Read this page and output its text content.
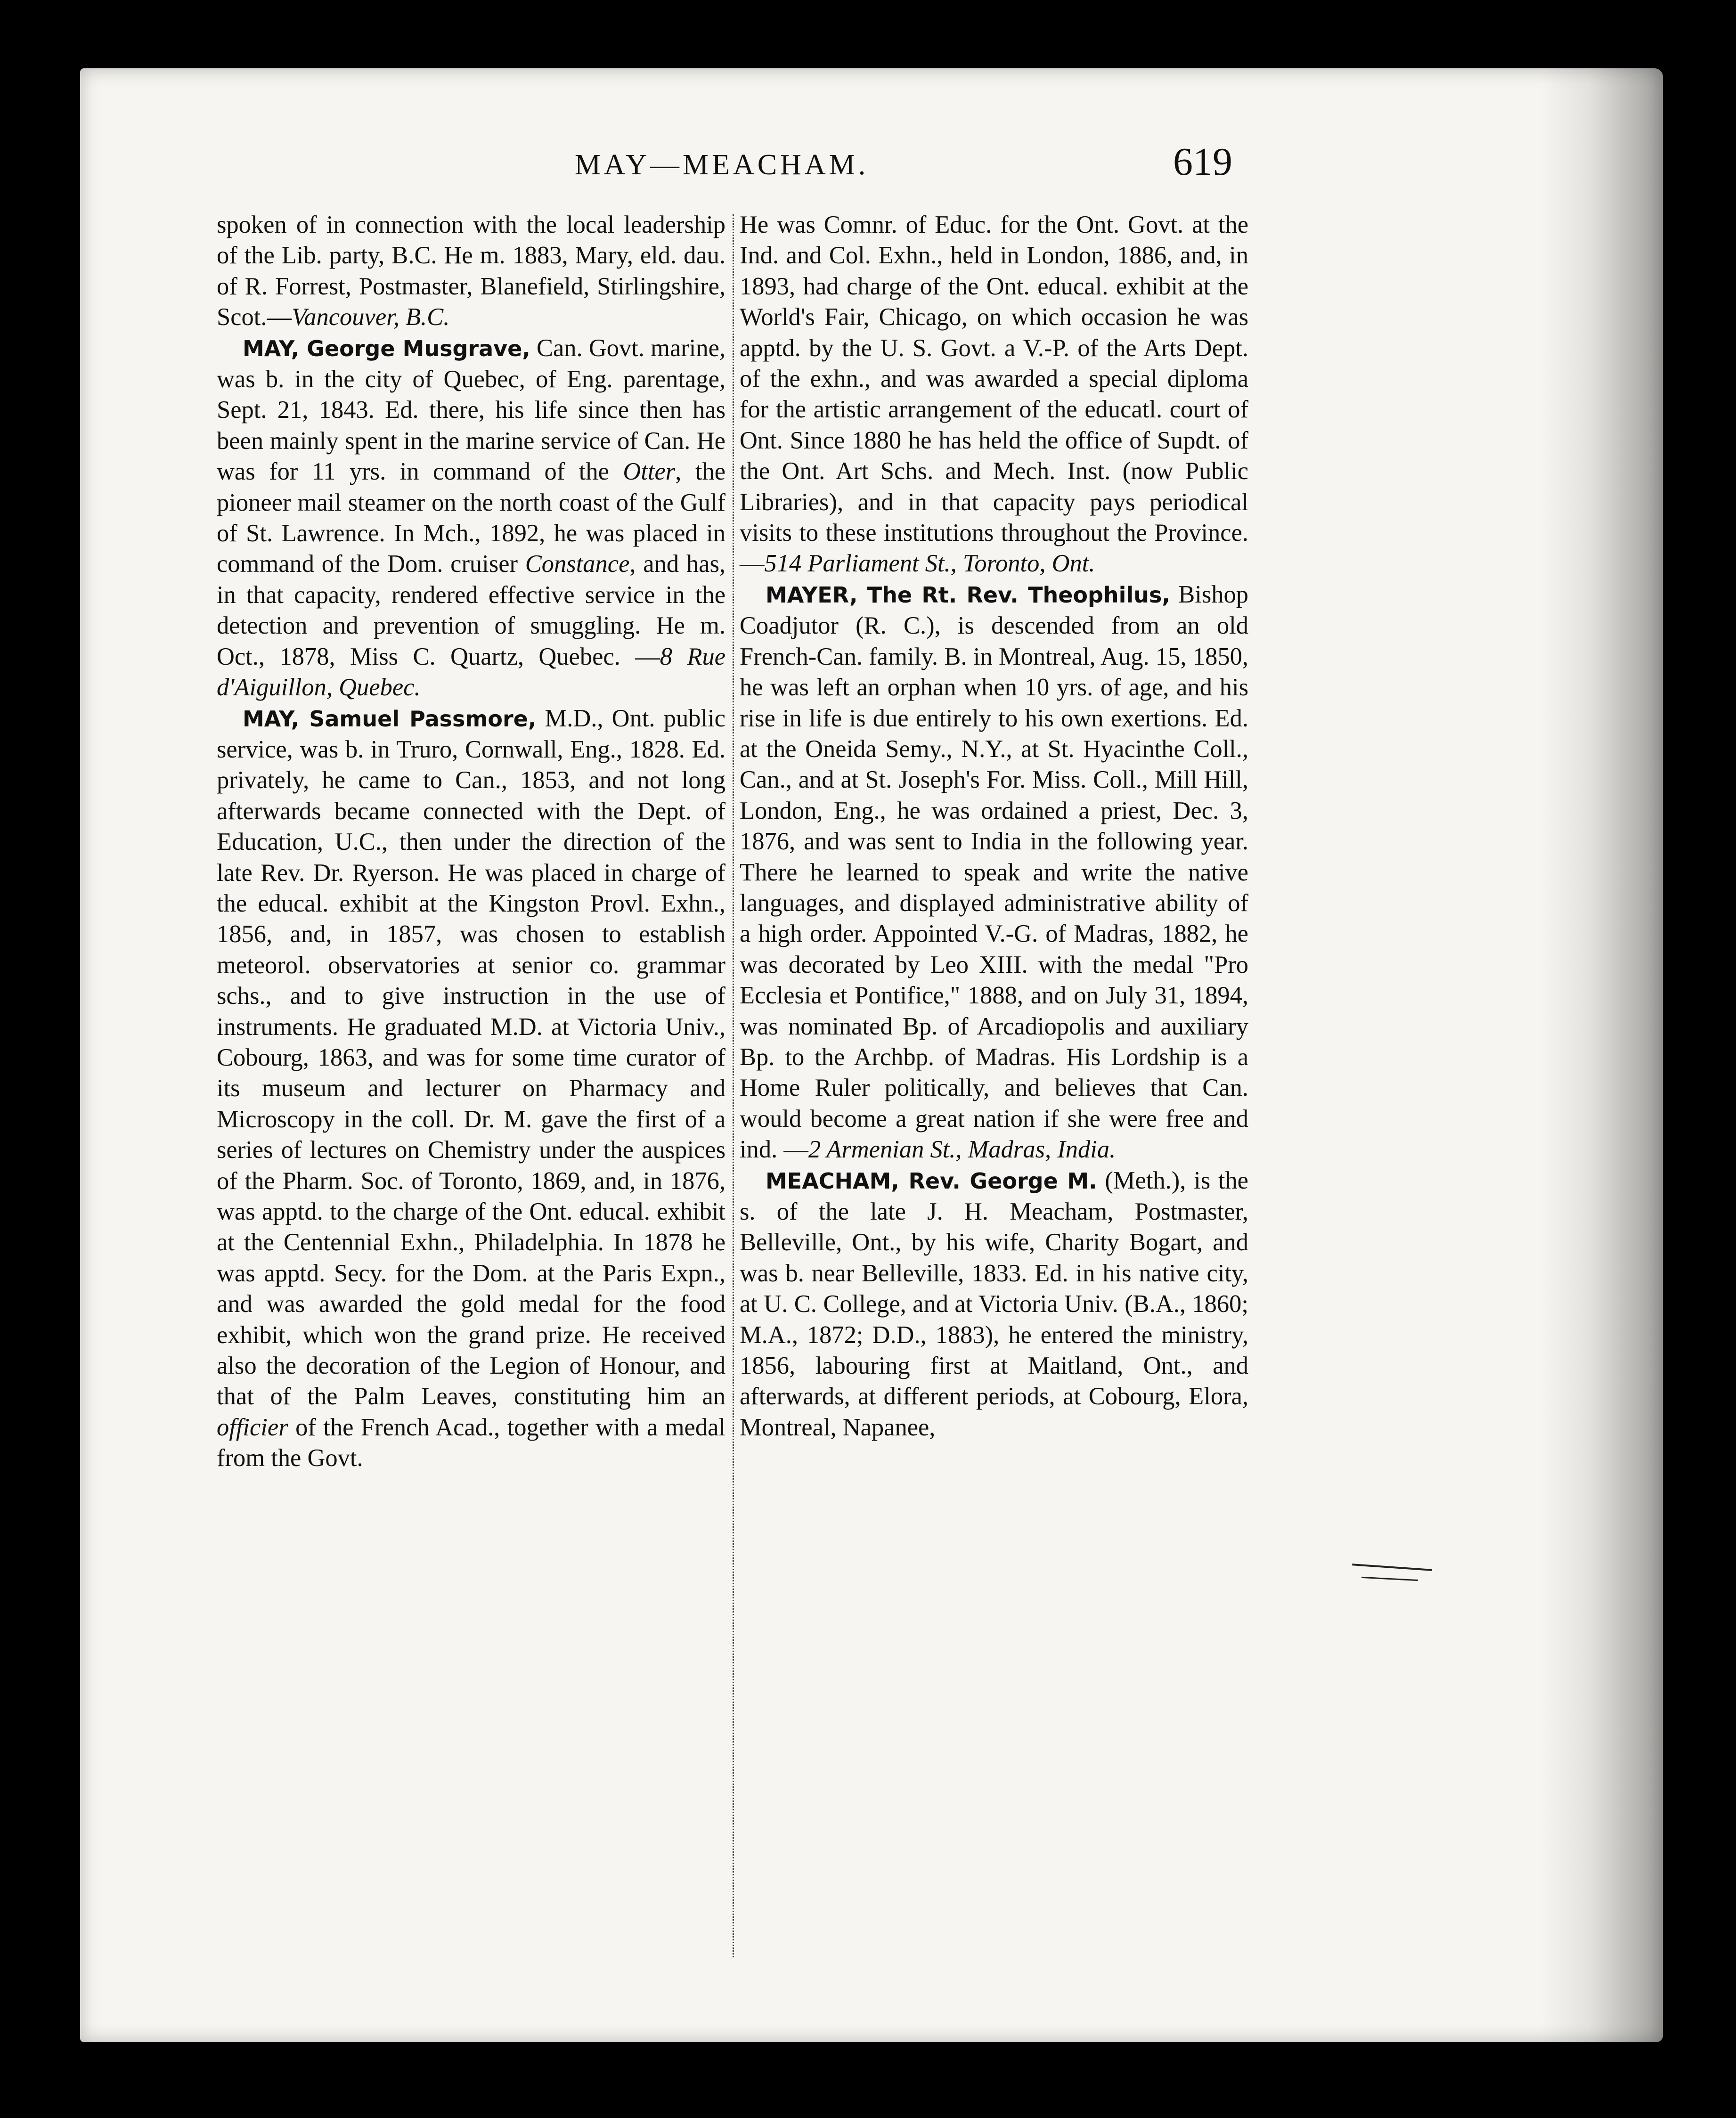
MAY—MEACHAM.	619

spoken of in connection with the local leadership of the Lib. party, B.C. He m. 1883, Mary, eld. dau. of R. Forrest, Postmaster, Blanefield, Stirlingshire, Scot.—Vancouver, B.C.

MAY, George Musgrave, Can. Govt. marine, was b. in the city of Quebec, of Eng. parentage, Sept. 21, 1843. Ed. there, his life since then has been mainly spent in the marine service of Can. He was for 11 yrs. in command of the Otter, the pioneer mail steamer on the north coast of the Gulf of St. Lawrence. In Mch., 1892, he was placed in command of the Dom. cruiser Constance, and has, in that capacity, rendered effective service in the detection and prevention of smuggling. He m. Oct., 1878, Miss C. Quartz, Quebec. —8 Rue d'Aiguillon, Quebec.

MAY, Samuel Passmore, M.D., Ont. public service, was b. in Truro, Cornwall, Eng., 1828. Ed. privately, he came to Can., 1853, and not long afterwards became connected with the Dept. of Education, U.C., then under the direction of the late Rev. Dr. Ryerson. He was placed in charge of the educal. exhibit at the Kingston Provl. Exhn., 1856, and, in 1857, was chosen to establish meteorol. observatories at senior co. grammar schs., and to give instruction in the use of instruments. He graduated M.D. at Victoria Univ., Cobourg, 1863, and was for some time curator of its museum and lecturer on Pharmacy and Microscopy in the coll. Dr. M. gave the first of a series of lectures on Chemistry under the auspices of the Pharm. Soc. of Toronto, 1869, and, in 1876, was apptd. to the charge of the Ont. educal. exhibit at the Centennial Exhn., Philadelphia. In 1878 he was apptd. Secy. for the Dom. at the Paris Expn., and was awarded the gold medal for the food exhibit, which won the grand prize. He received also the decoration of the Legion of Honour, and that of the Palm Leaves, constituting him an officier of the French Acad., together with a medal from the Govt.

He was Comnr. of Educ. for the Ont. Govt. at the Ind. and Col. Exhn., held in London, 1886, and, in 1893, had charge of the Ont. educal. exhibit at the World's Fair, Chicago, on which occasion he was apptd. by the U. S. Govt. a V.-P. of the Arts Dept. of the exhn., and was awarded a special diploma for the artistic arrangement of the educatl. court of Ont. Since 1880 he has held the office of Supdt. of the Ont. Art Schs. and Mech. Inst. (now Public Libraries), and in that capacity pays periodical visits to these institutions throughout the Province.—514 Parliament St., Toronto, Ont.

MAYER, The Rt. Rev. Theophilus, Bishop Coadjutor (R. C.), is descended from an old French-Can. family. B. in Montreal, Aug. 15, 1850, he was left an orphan when 10 yrs. of age, and his rise in life is due entirely to his own exertions. Ed. at the Oneida Semy., N.Y., at St. Hyacinthe Coll., Can., and at St. Joseph's For. Miss. Coll., Mill Hill, London, Eng., he was ordained a priest, Dec. 3, 1876, and was sent to India in the following year. There he learned to speak and write the native languages, and displayed administrative ability of a high order. Appointed V.-G. of Madras, 1882, he was decorated by Leo XIII. with the medal "Pro Ecclesia et Pontifice," 1888, and on July 31, 1894, was nominated Bp. of Arcadiopolis and auxiliary Bp. to the Archbp. of Madras. His Lordship is a Home Ruler politically, and believes that Can. would become a great nation if she were free and ind. —2 Armenian St., Madras, India.

MEACHAM, Rev. George M. (Meth.), is the s. of the late J. H. Meacham, Postmaster, Belleville, Ont., by his wife, Charity Bogart, and was b. near Belleville, 1833. Ed. in his native city, at U. C. College, and at Victoria Univ. (B.A., 1860; M.A., 1872; D.D., 1883), he entered the ministry, 1856, labouring first at Maitland, Ont., and afterwards, at different periods, at Cobourg, Elora, Montreal, Napanee,
